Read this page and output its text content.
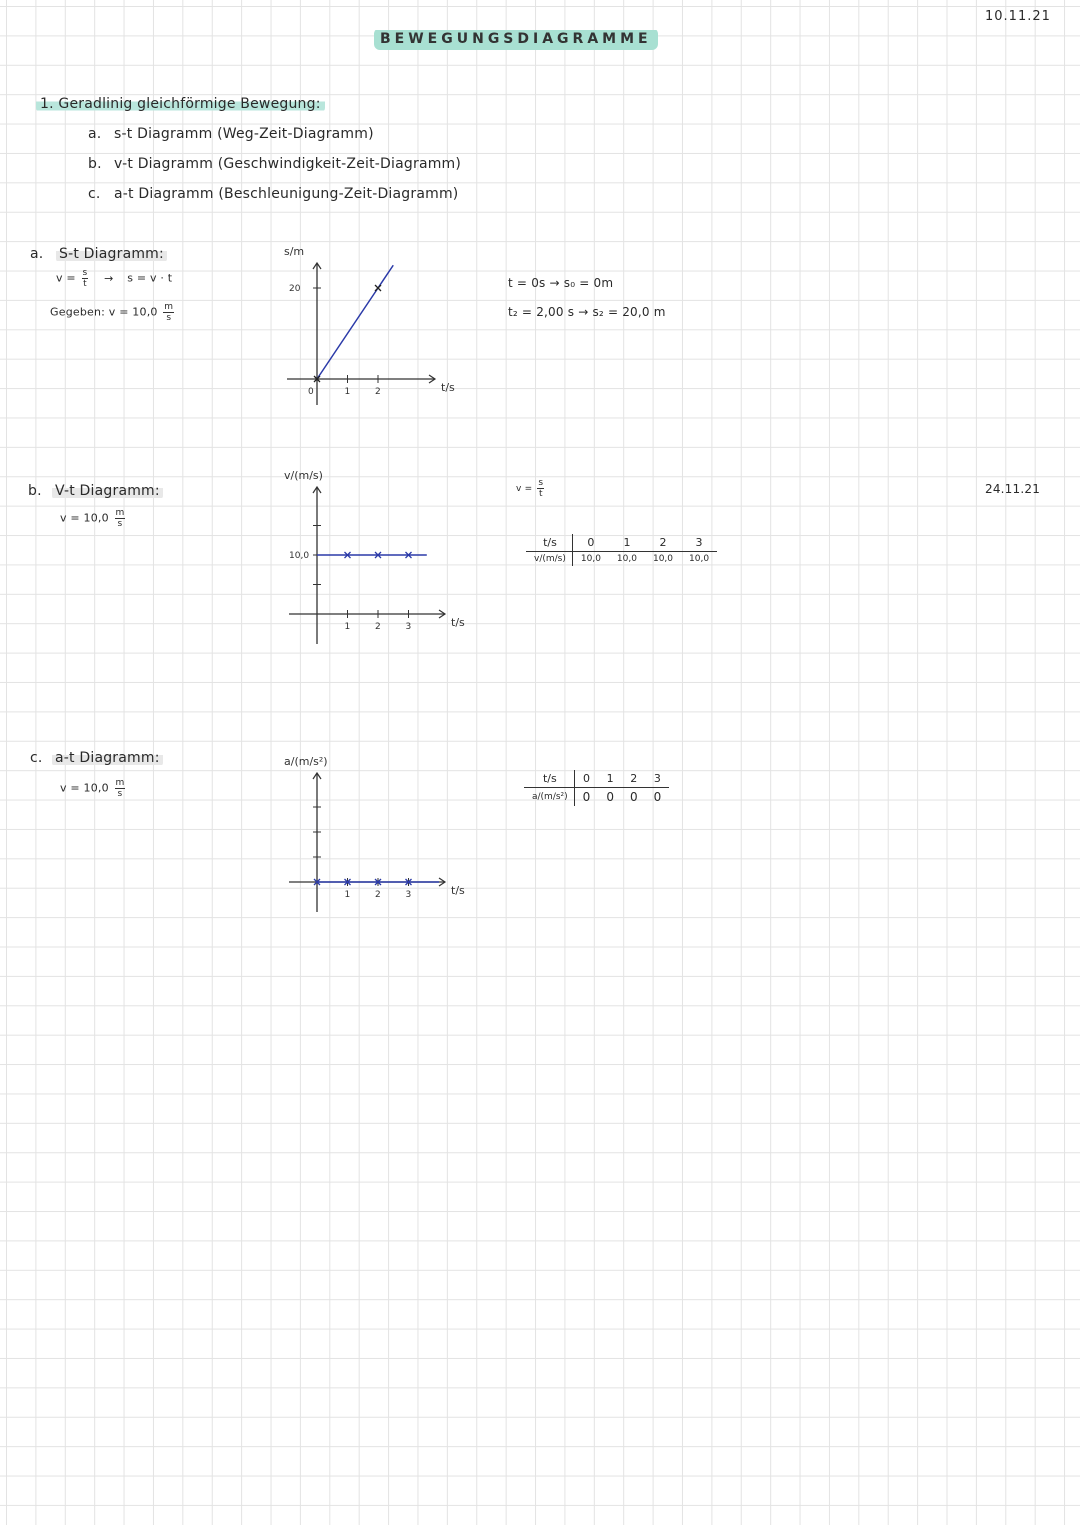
BEWEGUNGSDIAGRAMME
10.11.21
24.11.21
1. Geradlinig gleichförmige Bewegung:
a. s-t Diagramm (Weg-Zeit-Diagramm)
b. v-t Diagramm (Geschwindigkeit-Zeit-Diagramm)
c. a-t Diagramm (Beschleunigung-Zeit-Diagramm)
a. S-t Diagramm:
$v = \frac{s}{t} \to s = v \cdot t$
Gegeben: $v = 10,0 \frac{m}{s}$
t = 0s → s₀ = 0m
t₂ = 2,00 s → s₂ = 20,0 m
t/s
s/m
0	1	2
20
b. V-t Diagramm:
$v = 10,0 \frac{m}{s}$
$v = \frac{s}{t}$
t/s	0	1	2	3
v/(m/s)	10,0	10,0	10,0	10,0
t/s
v/(m/s)
1	2	3
10,0
c. a-t Diagramm:
$v = 10,0 \frac{m}{s}$	t/s	0	1	2	3
a/(m/s²)	0	0	0	0
t/s
a/(m/s²)
1	2	3
